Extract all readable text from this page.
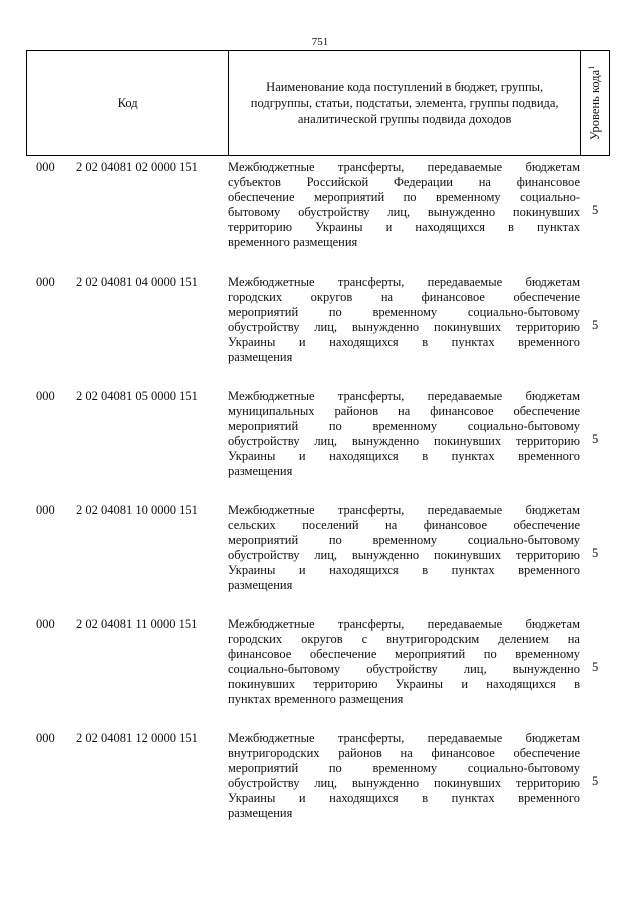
751
Код	
Наименование кода поступлений в бюджет, группы,
подгруппы, статьи, подстатьи, элемента, группы подвида,
аналитической группы подвида доходов	Уровень кода$^1$
000 2 02 04081 02 0000 151 Межбюджетные трансферты, передаваемые бюджетам
субъектов Российской Федерации на финансовое
обеспечение мероприятий по временному социально-
бытовому обустройству лиц, вынужденно покинувших
территорию Украины и находящихся в пунктах
временного размещения
5
000 2 02 04081 04 0000 151 Межбюджетные трансферты, передаваемые бюджетам
городских округов на финансовое обеспечение
мероприятий по временному социально-бытовому
обустройству лиц, вынужденно покинувших территорию
Украины и находящихся в пунктах временного
размещения
5
000 2 02 04081 05 0000 151 Межбюджетные трансферты, передаваемые бюджетам
муниципальных районов на финансовое обеспечение
мероприятий по временному социально-бытовому
обустройству лиц, вынужденно покинувших территорию
Украины и находящихся в пунктах временного
размещения
5
000 2 02 04081 10 0000 151 Межбюджетные трансферты, передаваемые бюджетам
сельских поселений на финансовое обеспечение
мероприятий по временному социально-бытовому
обустройству лиц, вынужденно покинувших территорию
Украины и находящихся в пунктах временного
размещения
5
000 2 02 04081 11 0000 151 Межбюджетные трансферты, передаваемые бюджетам
городских округов с внутригородским делением на
финансовое обеспечение мероприятий по временному
социально-бытовому обустройству лиц, вынужденно
покинувших территорию Украины и находящихся в
пунктах временного размещения
5
000 2 02 04081 12 0000 151 Межбюджетные трансферты, передаваемые бюджетам
внутригородских районов на финансовое обеспечение
мероприятий по временному социально-бытовому
обустройству лиц, вынужденно покинувших территорию
Украины и находящихся в пунктах временного
размещения
5
